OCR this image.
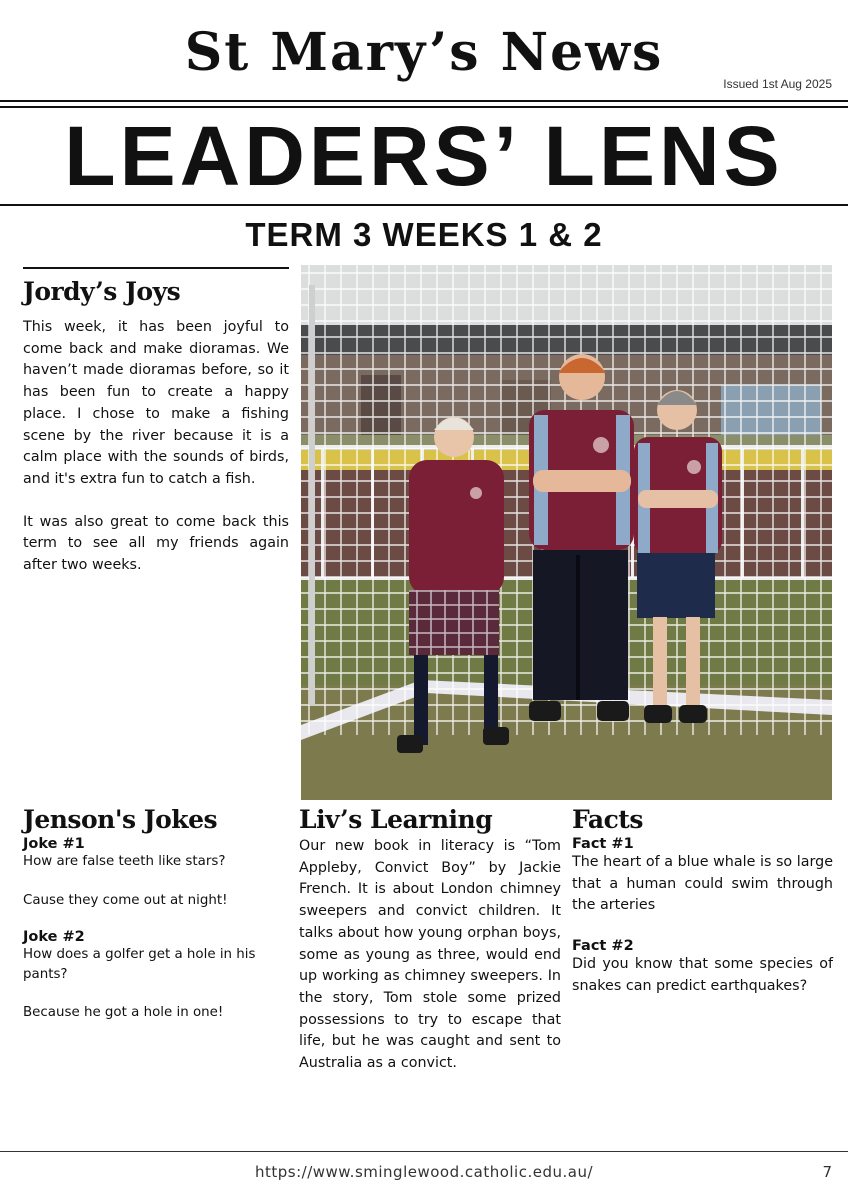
St Mary’s News
Issued 1st Aug 2025
LEADERS’ LENS
TERM 3 WEEKS 1 & 2
Jordy’s Joys

This week, it has been joyful to come back and make dioramas. We haven’t made dioramas before, so it has been fun to create a happy place. I chose to make a fishing scene by the river because it is a calm place with the sounds of birds, and it's extra fun to catch a fish.

It was also great to come back this term to see all my friends again after two weeks.

Jenson's Jokes

Joke #1

How are false teeth like stars?

Cause they come out at night!

Joke #2

How does a golfer get a hole in his pants?

Because he got a hole in one!

Liv’s Learning

Our new book in literacy is “Tom Appleby, Convict Boy” by Jackie French. It is about London chimney sweepers and convict children. It talks about how young orphan boys, some as young as three, would end up working as chimney sweepers. In the story, Tom stole some prized possessions to try to escape that life, but he was caught and sent to Australia as a convict.

Facts

Fact #1

The heart of a blue whale is so large that a human could swim through the arteries

Fact #2

Did you know that some species of snakes can predict earthquakes?

https://www.sminglewood.catholic.edu.au/	7
